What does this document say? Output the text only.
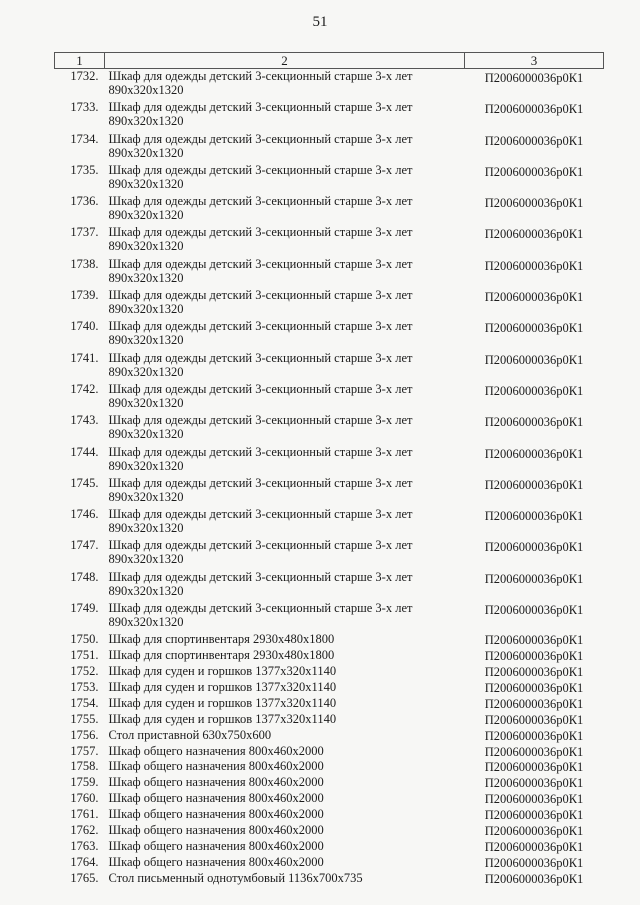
51
1	2	3
1732.	Шкаф для одежды детский 3-секционный старше 3-х лет 890х320х1320	П2006000036р0К1
1733.	Шкаф для одежды детский 3-секционный старше 3-х лет 890х320х1320	П2006000036р0К1
1734.	Шкаф для одежды детский 3-секционный старше 3-х лет 890х320х1320	П2006000036р0К1
1735.	Шкаф для одежды детский 3-секционный старше 3-х лет 890х320х1320	П2006000036р0К1
1736.	Шкаф для одежды детский 3-секционный старше 3-х лет 890х320х1320	П2006000036р0К1
1737.	Шкаф для одежды детский 3-секционный старше 3-х лет 890х320х1320	П2006000036р0К1
1738.	Шкаф для одежды детский 3-секционный старше 3-х лет 890х320х1320	П2006000036р0К1
1739.	Шкаф для одежды детский 3-секционный старше 3-х лет 890х320х1320	П2006000036р0К1
1740.	Шкаф для одежды детский 3-секционный старше 3-х лет 890х320х1320	П2006000036р0К1
1741.	Шкаф для одежды детский 3-секционный старше 3-х лет 890х320х1320	П2006000036р0К1
1742.	Шкаф для одежды детский 3-секционный старше 3-х лет 890х320х1320	П2006000036р0К1
1743.	Шкаф для одежды детский 3-секционный старше 3-х лет 890х320х1320	П2006000036р0К1
1744.	Шкаф для одежды детский 3-секционный старше 3-х лет 890х320х1320	П2006000036р0К1
1745.	Шкаф для одежды детский 3-секционный старше 3-х лет 890х320х1320	П2006000036р0К1
1746.	Шкаф для одежды детский 3-секционный старше 3-х лет 890х320х1320	П2006000036р0К1
1747.	Шкаф для одежды детский 3-секционный старше 3-х лет 890х320х1320	П2006000036р0К1
1748.	Шкаф для одежды детский 3-секционный старше 3-х лет 890х320х1320	П2006000036р0К1
1749.	Шкаф для одежды детский 3-секционный старше 3-х лет 890х320х1320	П2006000036р0К1
1750.	Шкаф для спортинвентаря 2930х480х1800	П2006000036р0К1
1751.	Шкаф для спортинвентаря 2930х480х1800	П2006000036р0К1
1752.	Шкаф для суден и горшков 1377х320х1140	П2006000036р0К1
1753.	Шкаф для суден и горшков 1377х320х1140	П2006000036р0К1
1754.	Шкаф для суден и горшков 1377х320х1140	П2006000036р0К1
1755.	Шкаф для суден и горшков 1377х320х1140	П2006000036р0К1
1756.	Стол приставной 630х750х600	П2006000036р0К1
1757.	Шкаф общего назначения 800х460х2000	П2006000036р0К1
1758.	Шкаф общего назначения 800х460х2000	П2006000036р0К1
1759.	Шкаф общего назначения 800х460х2000	П2006000036р0К1
1760.	Шкаф общего назначения 800х460х2000	П2006000036р0К1
1761.	Шкаф общего назначения 800х460х2000	П2006000036р0К1
1762.	Шкаф общего назначения 800х460х2000	П2006000036р0К1
1763.	Шкаф общего назначения 800х460х2000	П2006000036р0К1
1764.	Шкаф общего назначения 800х460х2000	П2006000036р0К1
1765.	Стол письменный однотумбовый 1136х700х735	П2006000036р0К1
